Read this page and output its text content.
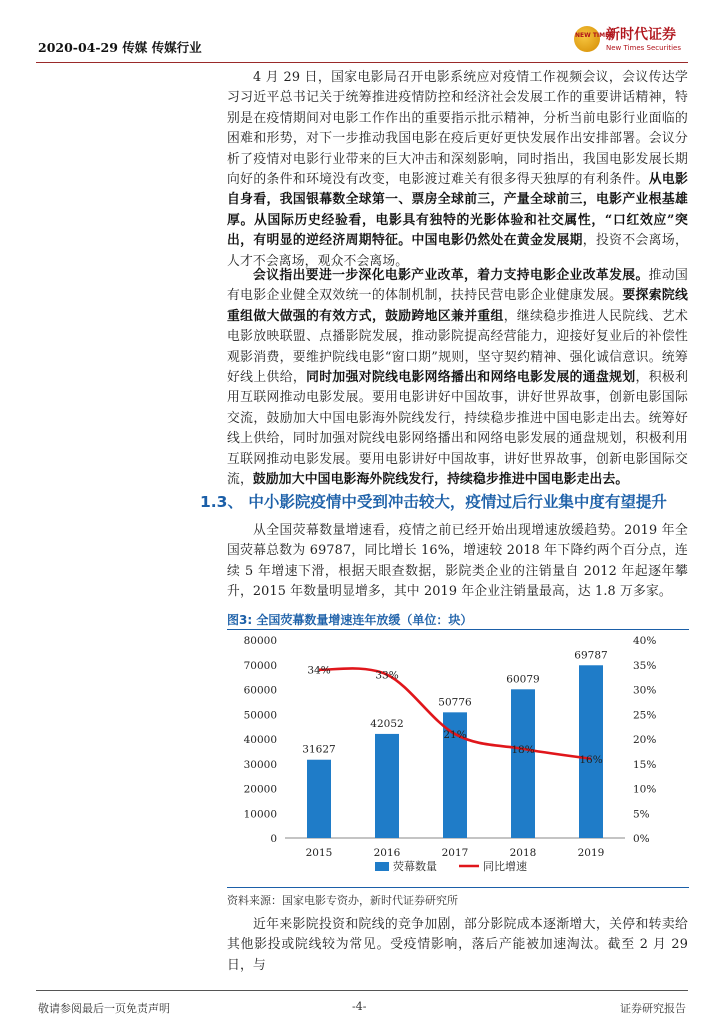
2020-04-29 传媒 传媒行业
NEW TIMES
新时代证券
New Times Securities
4 月 29 日，国家电影局召开电影系统应对疫情工作视频会议，会议传达学习习近平总书记关于统筹推进疫情防控和经济社会发展工作的重要讲话精神，特别是在疫情期间对电影工作作出的重要指示批示精神，分析当前电影行业面临的困难和形势，对下一步推动我国电影在疫后更好更快发展作出安排部署。会议分析了疫情对电影行业带来的巨大冲击和深刻影响，同时指出，我国电影发展长期向好的条件和环境没有改变，电影渡过难关有很多得天独厚的有利条件。从电影自身看，我国银幕数全球第一、票房全球前三，产量全球前三，电影产业根基雄厚。从国际历史经验看，电影具有独特的光影体验和社交属性，“口红效应”突出，有明显的逆经济周期特征。中国电影仍然处在黄金发展期，投资不会离场，人才不会离场，观众不会离场。
会议指出要进一步深化电影产业改革，着力支持电影企业改革发展。推动国有电影企业健全双效统一的体制机制，扶持民营电影企业健康发展。要探索院线重组做大做强的有效方式，鼓励跨地区兼并重组，继续稳步推进人民院线、艺术电影放映联盟、点播影院发展，推动影院提高经营能力，迎接好复业后的补偿性观影消费，要维护院线电影“窗口期”规则，坚守契约精神、强化诚信意识。统筹好线上供给，同时加强对院线电影网络播出和网络电影发展的通盘规划，积极利用互联网推动电影发展。要用电影讲好中国故事，讲好世界故事，创新电影国际交流，鼓励加大中国电影海外院线发行，持续稳步推进中国电影走出去。统筹好线上供给，同时加强对院线电影网络播出和网络电影发展的通盘规划，积极利用互联网推动电影发展。要用电影讲好中国故事，讲好世界故事，创新电影国际交流，鼓励加大中国电影海外院线发行，持续稳步推进中国电影走出去。
1.3、 中小影院疫情中受到冲击较大，疫情过后行业集中度有望提升
从全国荧幕数量增速看，疫情之前已经开始出现增速放缓趋势。2019 年全国荧幕总数为 69787，同比增长 16%，增速较 2018 年下降约两个百分点，连续 5 年增速下滑，根据天眼查数据，影院类企业的注销量自 2012 年起逐年攀升，2015 年数量明显增多，其中 2019 年企业注销量最高，达 1.8 万多家。
图3: 全国荧幕数量增速连年放缓（单位：块）
0
10000
20000
30000
40000
50000
60000
70000
80000
0%
5%
10%
15%
20%
25%
30%
35%
40%
2015	2016	2017	2018	2019
31627
42052
50776
60079
69787
34%	33%
21%
18%
16%
荧幕数量	同比增速
资料来源：国家电影专资办，新时代证券研究所
近年来影院投资和院线的竞争加剧，部分影院成本逐渐增大，关停和转卖给其他影投或院线较为常见。受疫情影响，落后产能被加速淘汰。截至 2 月 29 日，与
敬请参阅最后一页免责声明	-4-	证券研究报告
